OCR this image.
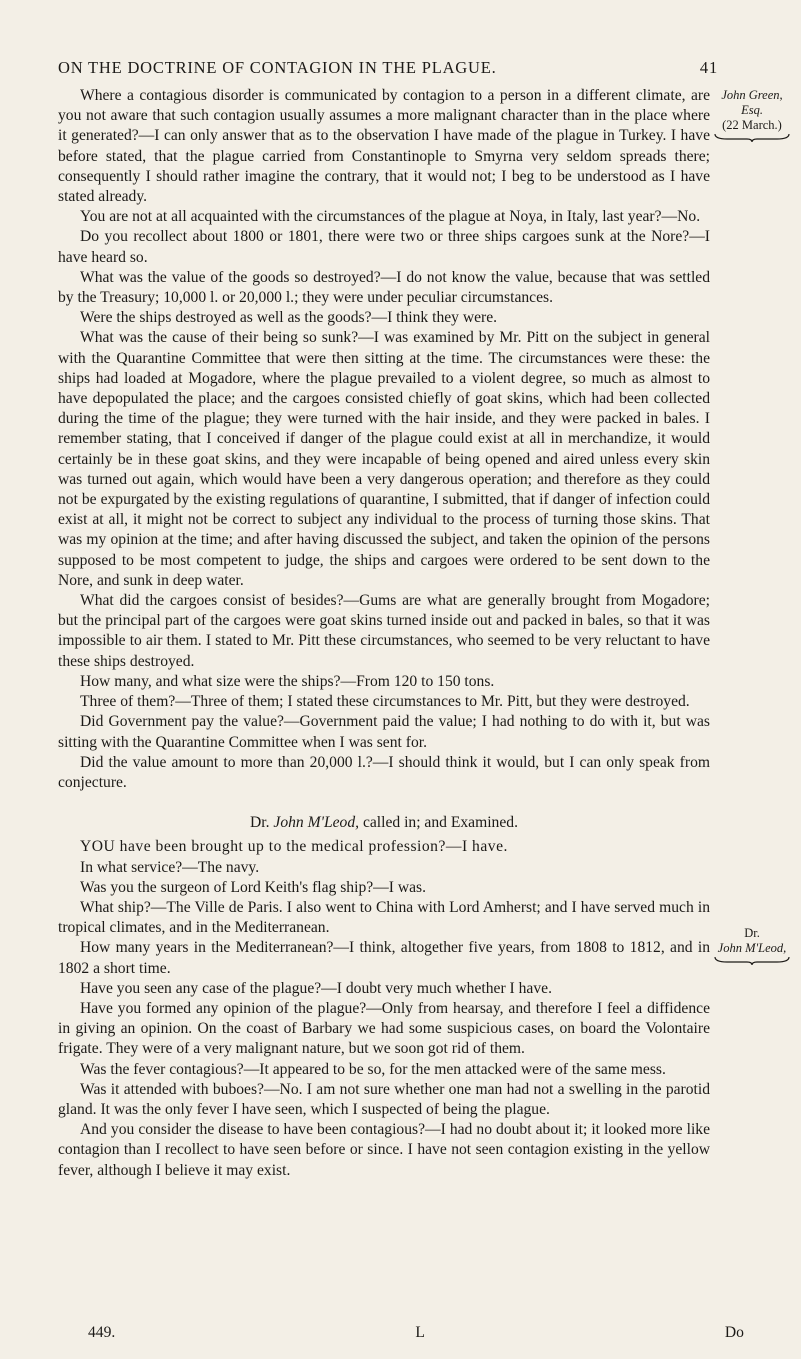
ON THE DOCTRINE OF CONTAGION IN THE PLAGUE.	41
John Green,
Esq.
(22 March.)
Dr.
John M'Leod,

Where a contagious disorder is communicated by contagion to a person in a different climate, are you not aware that such contagion usually assumes a more malignant character than in the place where it generated?—I can only answer that as to the observation I have made of the plague in Turkey. I have before stated, that the plague carried from Constantinople to Smyrna very seldom spreads there; consequently I should rather imagine the contrary, that it would not; I beg to be understood as I have stated already.

You are not at all acquainted with the circumstances of the plague at Noya, in Italy, last year?—No.

Do you recollect about 1800 or 1801, there were two or three ships cargoes sunk at the Nore?—I have heard so.

What was the value of the goods so destroyed?—I do not know the value, because that was settled by the Treasury; 10,000 l. or 20,000 l.; they were under peculiar circumstances.

Were the ships destroyed as well as the goods?—I think they were.

What was the cause of their being so sunk?—I was examined by Mr. Pitt on the subject in general with the Quarantine Committee that were then sitting at the time. The circumstances were these: the ships had loaded at Mogadore, where the plague prevailed to a violent degree, so much as almost to have depopulated the place; and the cargoes consisted chiefly of goat skins, which had been collected during the time of the plague; they were turned with the hair inside, and they were packed in bales. I remember stating, that I conceived if danger of the plague could exist at all in merchandize, it would certainly be in these goat skins, and they were incapable of being opened and aired unless every skin was turned out again, which would have been a very dangerous operation; and therefore as they could not be expurgated by the existing regulations of quarantine, I submitted, that if danger of infection could exist at all, it might not be correct to subject any individual to the process of turning those skins. That was my opinion at the time; and after having discussed the subject, and taken the opinion of the persons supposed to be most competent to judge, the ships and cargoes were ordered to be sent down to the Nore, and sunk in deep water.

What did the cargoes consist of besides?—Gums are what are generally brought from Mogadore; but the principal part of the cargoes were goat skins turned inside out and packed in bales, so that it was impossible to air them. I stated to Mr. Pitt these circumstances, who seemed to be very reluctant to have these ships destroyed.

How many, and what size were the ships?—From 120 to 150 tons.

Three of them?—Three of them; I stated these circumstances to Mr. Pitt, but they were destroyed.

Did Government pay the value?—Government paid the value; I had nothing to do with it, but was sitting with the Quarantine Committee when I was sent for.

Did the value amount to more than 20,000 l.?—I should think it would, but I can only speak from conjecture.

Dr. John M'Leod, called in; and Examined.

YOU have been brought up to the medical profession?—I have.

In what service?—The navy.

Was you the surgeon of Lord Keith's flag ship?—I was.

What ship?—The Ville de Paris. I also went to China with Lord Amherst; and I have served much in tropical climates, and in the Mediterranean.

How many years in the Mediterranean?—I think, altogether five years, from 1808 to 1812, and in 1802 a short time.

Have you seen any case of the plague?—I doubt very much whether I have.

Have you formed any opinion of the plague?—Only from hearsay, and therefore I feel a diffidence in giving an opinion. On the coast of Barbary we had some suspicious cases, on board the Volontaire frigate. They were of a very malignant nature, but we soon got rid of them.

Was the fever contagious?—It appeared to be so, for the men attacked were of the same mess.

Was it attended with buboes?—No. I am not sure whether one man had not a swelling in the parotid gland. It was the only fever I have seen, which I suspected of being the plague.

And you consider the disease to have been contagious?—I had no doubt about it; it looked more like contagion than I recollect to have seen before or since. I have not seen contagion existing in the yellow fever, although I believe it may exist.

449.	L	Do
